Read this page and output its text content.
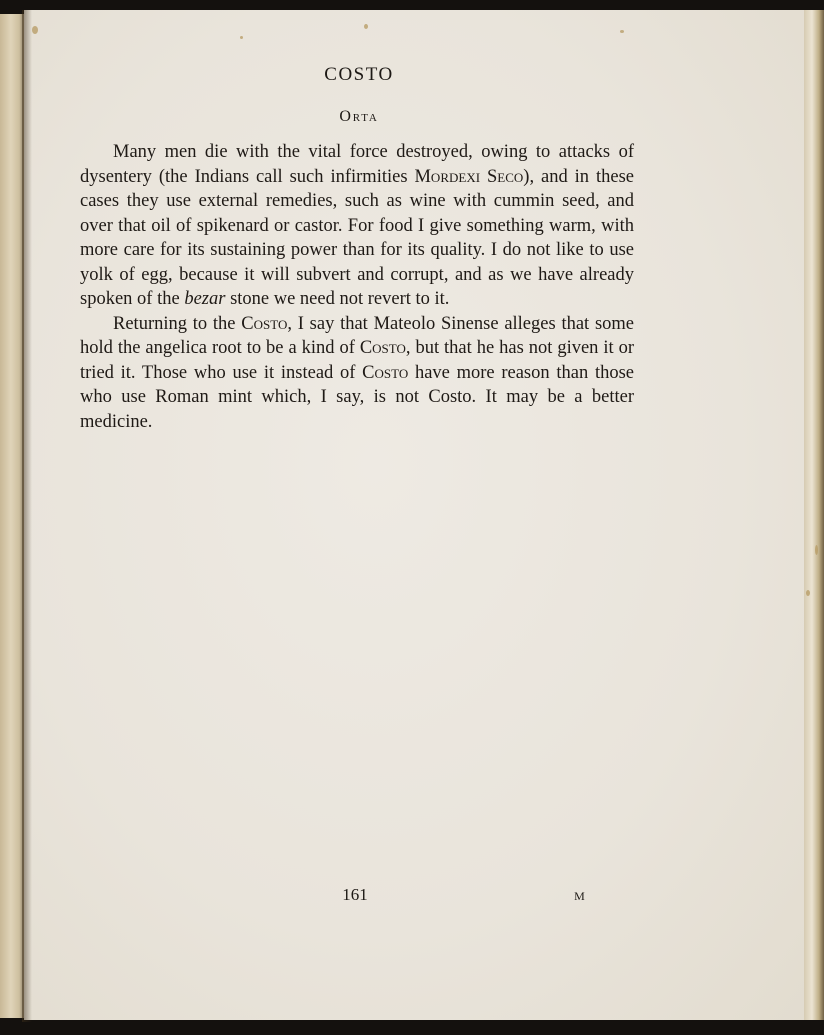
COSTO
Orta

Many men die with the vital force destroyed, owing to attacks of dysentery (the Indians call such infirmities Mordexi Seco), and in these cases they use external remedies, such as wine with cummin seed, and over that oil of spikenard or castor. For food I give something warm, with more care for its sustaining power than for its quality. I do not like to use yolk of egg, because it will subvert and corrupt, and as we have already spoken of the bezar stone we need not revert to it.

Returning to the Costo, I say that Mateolo Sinense alleges that some hold the angelica root to be a kind of Costo, but that he has not given it or tried it. Those who use it instead of Costo have more reason than those who use Roman mint which, I say, is not Costo. It may be a better medicine.

161	M
